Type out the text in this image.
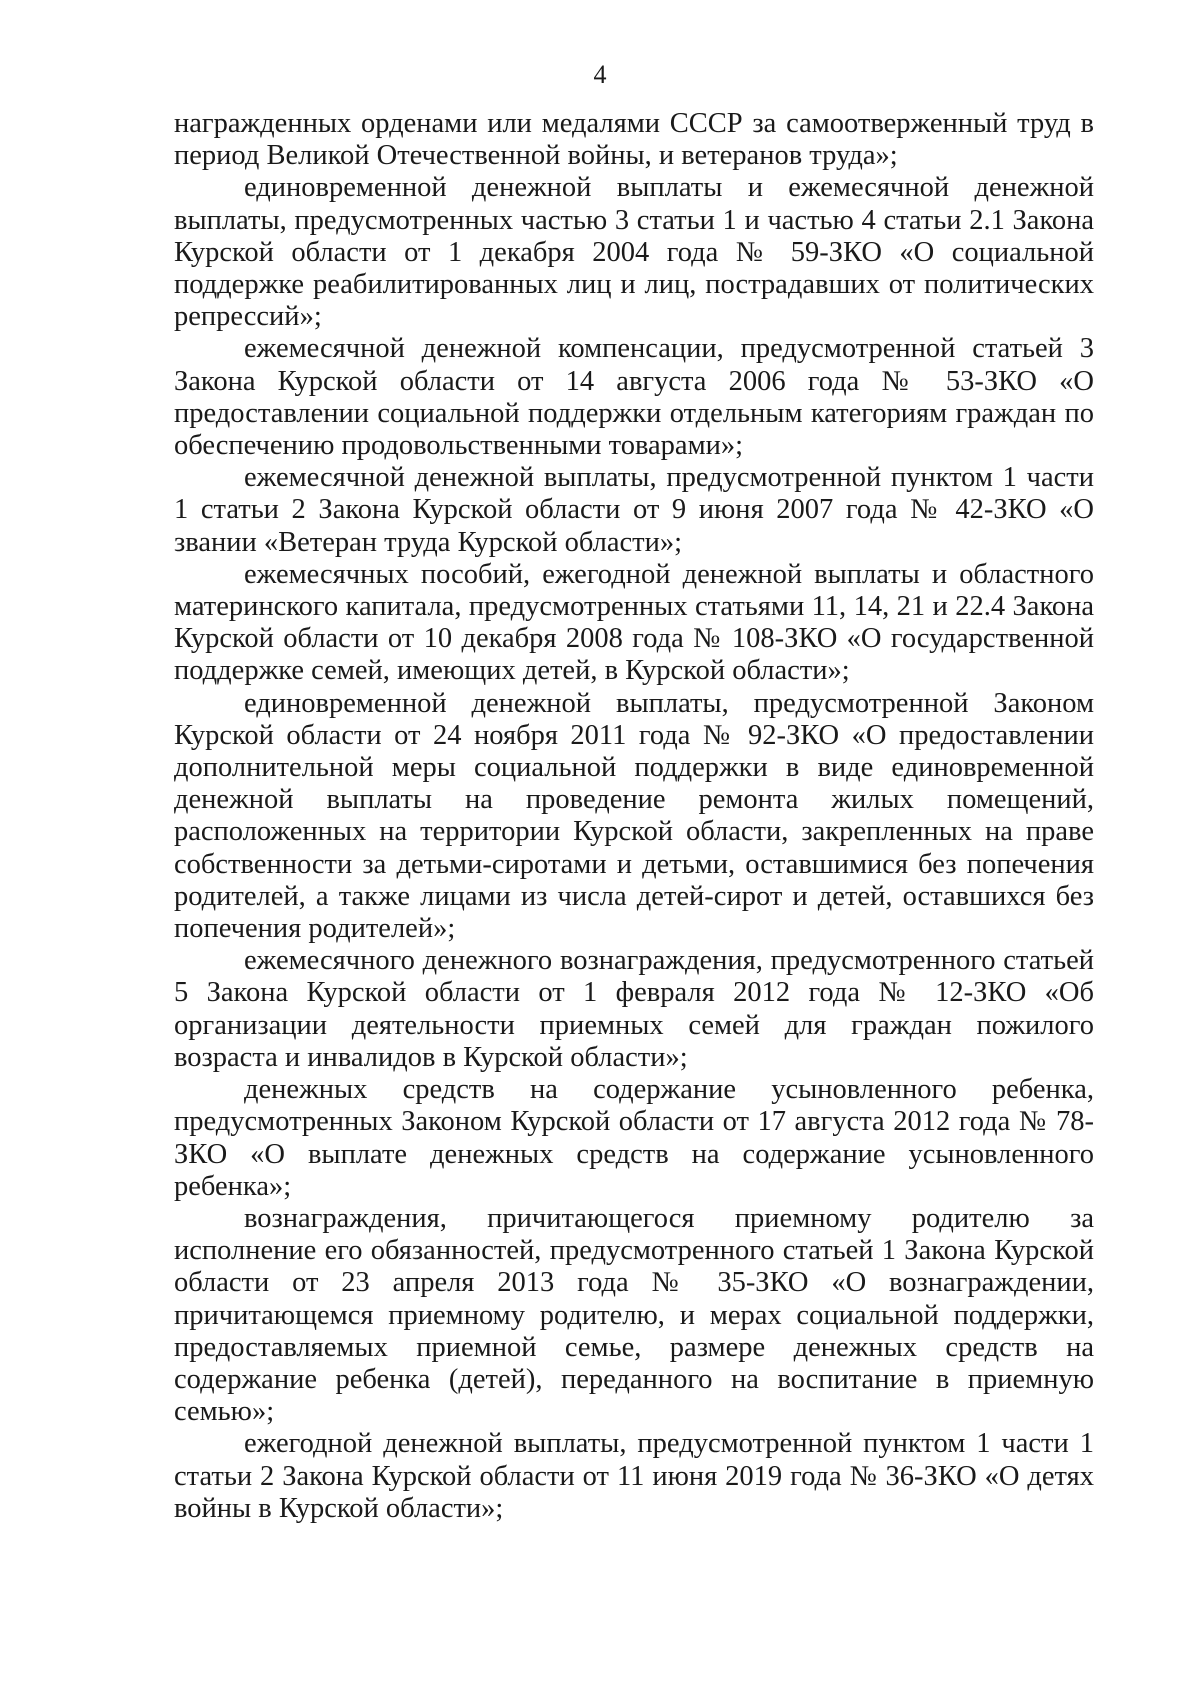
4

награжденных орденами или медалями СССР за самоотверженный труд в период Великой Отечественной войны, и ветеранов труда»;

единовременной денежной выплаты и ежемесячной денежной выплаты, предусмотренных частью 3 статьи 1 и частью 4 статьи 2.1 Закона Курской области от 1 декабря 2004 года № 59-ЗКО «О социальной поддержке реабилитированных лиц и лиц, пострадавших от политических репрессий»;

ежемесячной денежной компенсации, предусмотренной статьей 3 Закона Курской области от 14 августа 2006 года № 53-ЗКО «О предоставлении социальной поддержки отдельным категориям граждан по обеспечению продовольственными товарами»;

ежемесячной денежной выплаты, предусмотренной пунктом 1 части 1 статьи 2 Закона Курской области от 9 июня 2007 года № 42-ЗКО «О звании «Ветеран труда Курской области»;

ежемесячных пособий, ежегодной денежной выплаты и областного материнского капитала, предусмотренных статьями 11, 14, 21 и 22.4 Закона Курской области от 10 декабря 2008 года № 108-ЗКО «О государственной поддержке семей, имеющих детей, в Курской области»;

единовременной денежной выплаты, предусмотренной Законом Курской области от 24 ноября 2011 года № 92-ЗКО «О предоставлении дополнительной меры социальной поддержки в виде единовременной денежной выплаты на проведение ремонта жилых помещений, расположенных на территории Курской области, закрепленных на праве собственности за детьми-сиротами и детьми, оставшимися без попечения родителей, а также лицами из числа детей-сирот и детей, оставшихся без попечения родителей»;

ежемесячного денежного вознаграждения, предусмотренного статьей 5 Закона Курской области от 1 февраля 2012 года № 12-ЗКО «Об организации деятельности приемных семей для граждан пожилого возраста и инвалидов в Курской области»;

денежных средств на содержание усыновленного ребенка, предусмотренных Законом Курской области от 17 августа 2012 года № 78-ЗКО «О выплате денежных средств на содержание усыновленного ребенка»;

вознаграждения, причитающегося приемному родителю за исполнение его обязанностей, предусмотренного статьей 1 Закона Курской области от 23 апреля 2013 года № 35-ЗКО «О вознаграждении, причитающемся приемному родителю, и мерах социальной поддержки, предоставляемых приемной семье, размере денежных средств на содержание ребенка (детей), переданного на воспитание в приемную семью»;

ежегодной денежной выплаты, предусмотренной пунктом 1 части 1 статьи 2 Закона Курской области от 11 июня 2019 года № 36-ЗКО «О детях войны в Курской области»;
